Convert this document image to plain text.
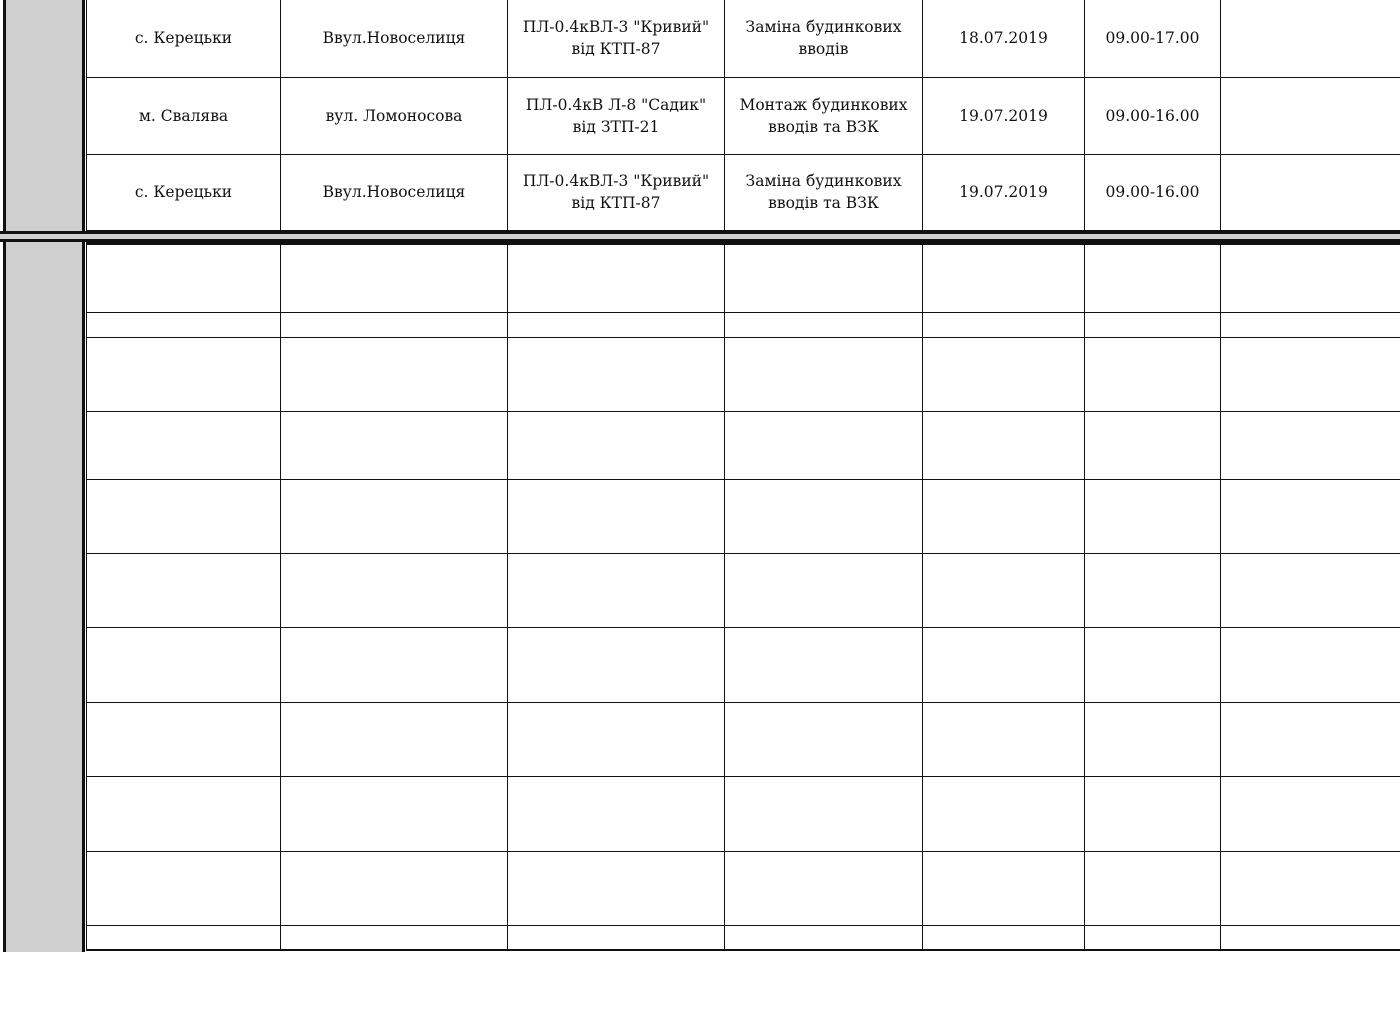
с. Керецьки	Ввул.Новоселиця	ПЛ-0.4кВЛ-3 "Кривий" від КТП-87	Заміна будинкових вводів	18.07.2019	09.00-17.00	
м. Свалява	вул. Ломоносова	ПЛ-0.4кВ Л-8 "Садик" від ЗТП-21	Монтаж будинкових вводів та ВЗК	19.07.2019	09.00-16.00	
с. Керецьки	Ввул.Новоселиця	ПЛ-0.4кВЛ-3 "Кривий" від КТП-87	Заміна будинкових вводів та ВЗК	19.07.2019	09.00-16.00	
